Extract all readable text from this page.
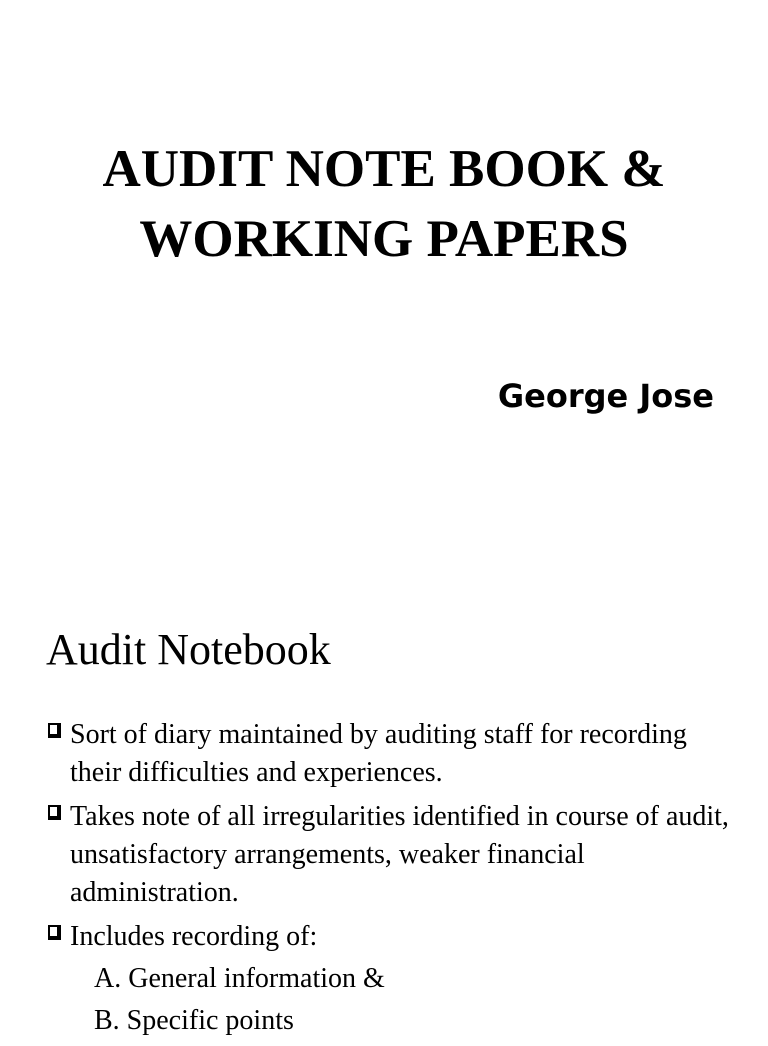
AUDIT NOTE BOOK &
WORKING PAPERS

George Jose

Audit Notebook
Sort of diary maintained by auditing staff for recording their difficulties and experiences.
Takes note of all irregularities identified in course of audit, unsatisfactory arrangements, weaker financial administration.
Includes recording of:
A. General information &
B. Specific points
